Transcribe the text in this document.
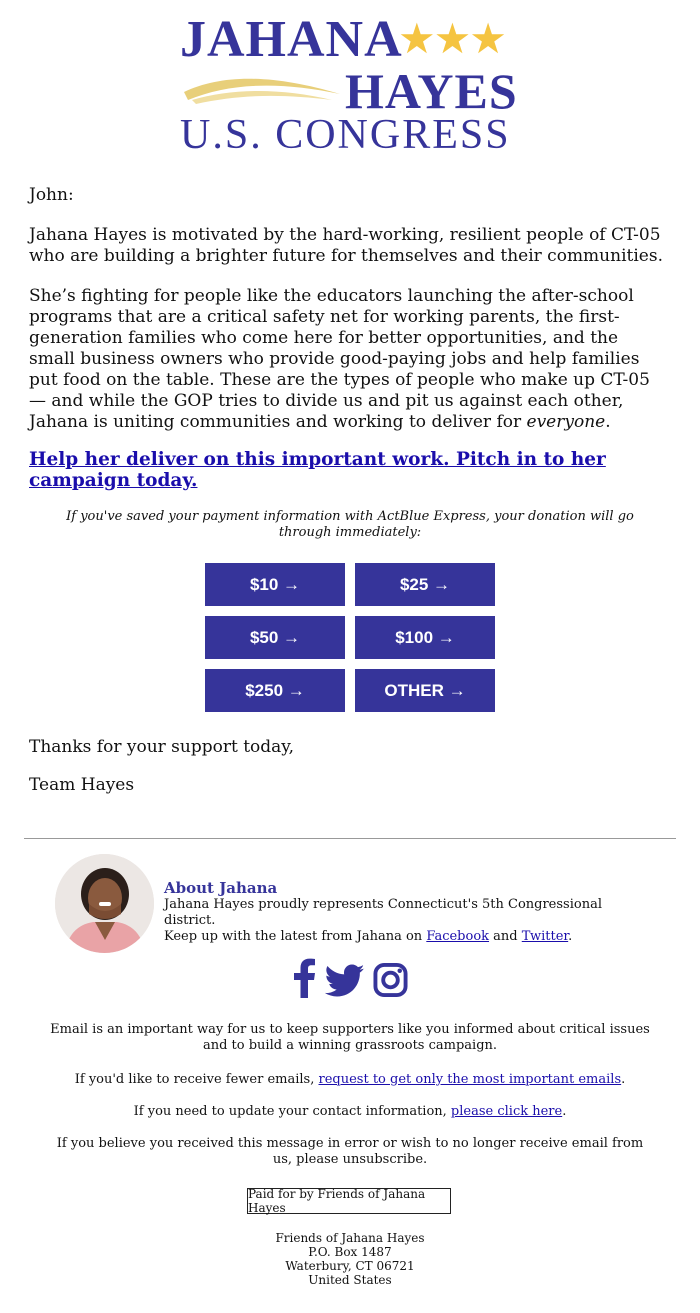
JAHANA
★★★
HAYES
U.S. CONGRESS
John:
Jahana Hayes is motivated by the hard-working, resilient people of CT-05 who are building a brighter future for themselves and their communities.
She’s fighting for people like the educators launching the after-school programs that are a critical safety net for working parents, the first-generation families who come here for better opportunities, and the small business owners who provide good-paying jobs and help families put food on the table. These are the types of people who make up CT-05 — and while the GOP tries to divide us and pit us against each other, Jahana is uniting communities and working to deliver for everyone.
Help her deliver on this important work. Pitch in to her campaign today.
If you've saved your payment information with ActBlue Express, your donation will go through immediately:
$10 →	$25 →
$50 →	$100 →
$250 →	OTHER →
Thanks for your support today,
Team Hayes
About Jahana
Jahana Hayes proudly represents Connecticut's 5th Congressional district.
Keep up with the latest from Jahana on Facebook and Twitter.
Email is an important way for us to keep supporters like you informed about critical issues and to build a winning grassroots campaign.
If you'd like to receive fewer emails, request to get only the most important emails.
If you need to update your contact information, please click here.
If you believe you received this message in error or wish to no longer receive email from us, please unsubscribe.
Paid for by Friends of Jahana Hayes
Friends of Jahana Hayes
P.O. Box 1487
Waterbury, CT 06721
United States
